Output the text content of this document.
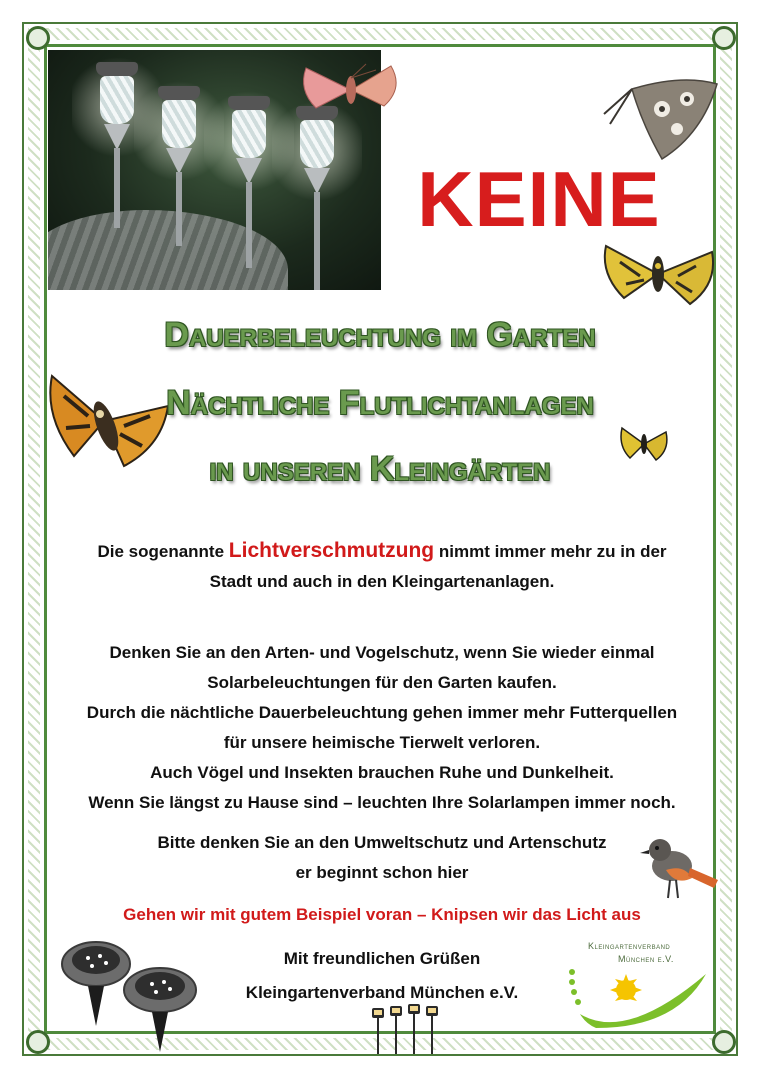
KEINE
Dauerbeleuchtung im Garten
Nächtliche Flutlichtanlagen
in unseren Kleingärten
Die sogenannte Lichtverschmutzung nimmt immer mehr zu in der
Stadt und auch in den Kleingartenanlagen.
Denken Sie an den Arten- und Vogelschutz, wenn Sie wieder einmal
Solarbeleuchtungen für den Garten kaufen.
Durch die nächtliche Dauerbeleuchtung gehen immer mehr Futterquellen
für unsere heimische Tierwelt verloren.
Auch Vögel und Insekten brauchen Ruhe und Dunkelheit.
Wenn Sie längst zu Hause sind – leuchten Ihre Solarlampen immer noch.
Bitte denken Sie an den Umweltschutz und Artenschutz
er beginnt schon hier
Gehen wir mit gutem Beispiel voran – Knipsen wir das Licht aus
Mit freundlichen Grüßen
Kleingartenverband München e.V.
Kleingartenverband
München e.V.
